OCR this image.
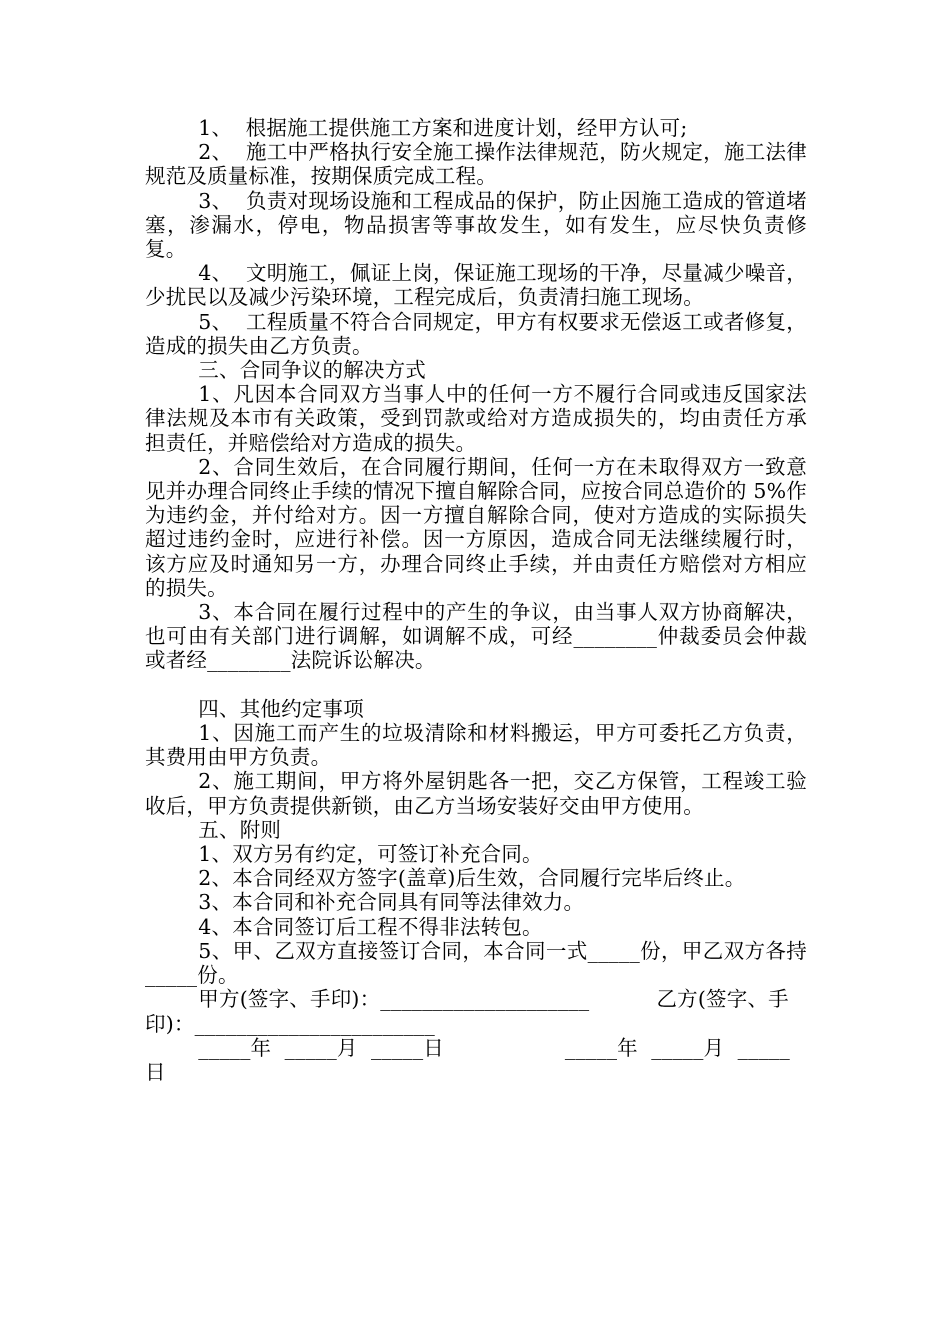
1、  根据施工提供施工方案和进度计划，经甲方认可;

2、  施工中严格执行安全施工操作法律规范，防火规定，施工法律规范及质量标准，按期保质完成工程。

3、  负责对现场设施和工程成品的保护，防止因施工造成的管道堵塞，渗漏水，停电，物品损害等事故发生，如有发生，应尽快负责修复。

4、  文明施工，佩证上岗，保证施工现场的干净，尽量减少噪音，少扰民以及减少污染环境，工程完成后，负责清扫施工现场。

5、  工程质量不符合合同规定，甲方有权要求无偿返工或者修复，造成的损失由乙方负责。

三、合同争议的解决方式

1、凡因本合同双方当事人中的任何一方不履行合同或违反国家法律法规及本市有关政策，受到罚款或给对方造成损失的，均由责任方承担责任，并赔偿给对方造成的损失。

2、合同生效后，在合同履行期间，任何一方在未取得双方一致意见并办理合同终止手续的情况下擅自解除合同，应按合同总造价的 5%作为违约金，并付给对方。因一方擅自解除合同，使对方造成的实际损失超过违约金时，应进行补偿。因一方原因，造成合同无法继续履行时，该方应及时通知另一方，办理合同终止手续，并由责任方赔偿对方相应的损失。

3、本合同在履行过程中的产生的争议，由当事人双方协商解决，也可由有关部门进行调解，如调解不成，可经________仲裁委员会仲裁或者经________法院诉讼解决。

四、其他约定事项

1、因施工而产生的垃圾清除和材料搬运，甲方可委托乙方负责，其费用由甲方负责。

2、施工期间，甲方将外屋钥匙各一把，交乙方保管，工程竣工验收后，甲方负责提供新锁，由乙方当场安装好交由甲方使用。

五、附则

1、双方另有约定，可签订补充合同。

2、本合同经双方签字(盖章)后生效，合同履行完毕后终止。

3、本合同和补充合同具有同等法律效力。

4、本合同签订后工程不得非法转包。

5、甲、乙双方直接签订合同，本合同一式_____份，甲乙双方各持_____份。

甲方(签字、手印)：____________________          乙方(签字、手印)：_______________________

_____年  _____月  _____日                  _____年  _____月  _____日
